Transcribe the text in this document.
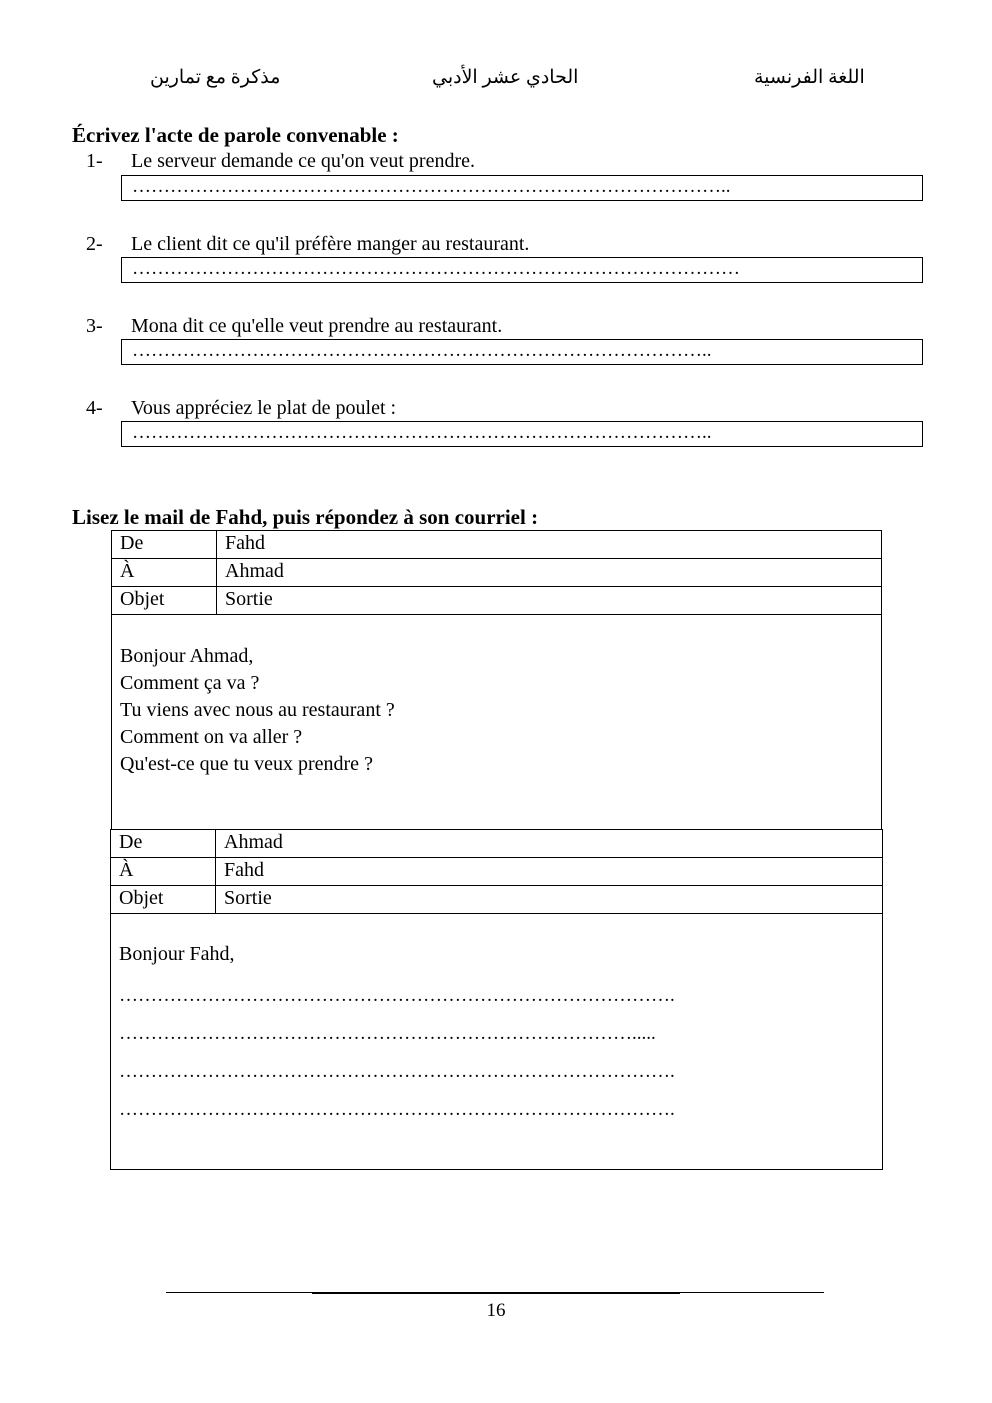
مذكرة مع تمارين	الحادي عشر الأدبي	اللغة الفرنسية
Écrivez l'acte de parole convenable :
1- Le serveur demande ce qu'on veut prendre.
…………………………………………………………………………………..
2- Le client dit ce qu'il préfère manger au restaurant.
……………………………………………………………………………………
3- Mona dit ce qu'elle veut prendre au restaurant.
………………………………………………………………………………..
4- Vous appréciez le plat de poulet :
………………………………………………………………………………..
Lisez le mail de Fahd, puis répondez à son courriel :
De	Fahd
À	Ahmad
Objet	Sortie

Bonjour Ahmad,
Comment ça va ?
Tu viens avec nous au restaurant ?
Comment on va aller ?
Qu'est-ce que tu veux prendre ?	
De	Ahmad
À	Fahd
Objet	Sortie

Bonjour Fahd,
…………………………………………………………………………….
……………………………………………………………………….....
…………………………………………………………………………….
…………………………………………………………………………….	
16
